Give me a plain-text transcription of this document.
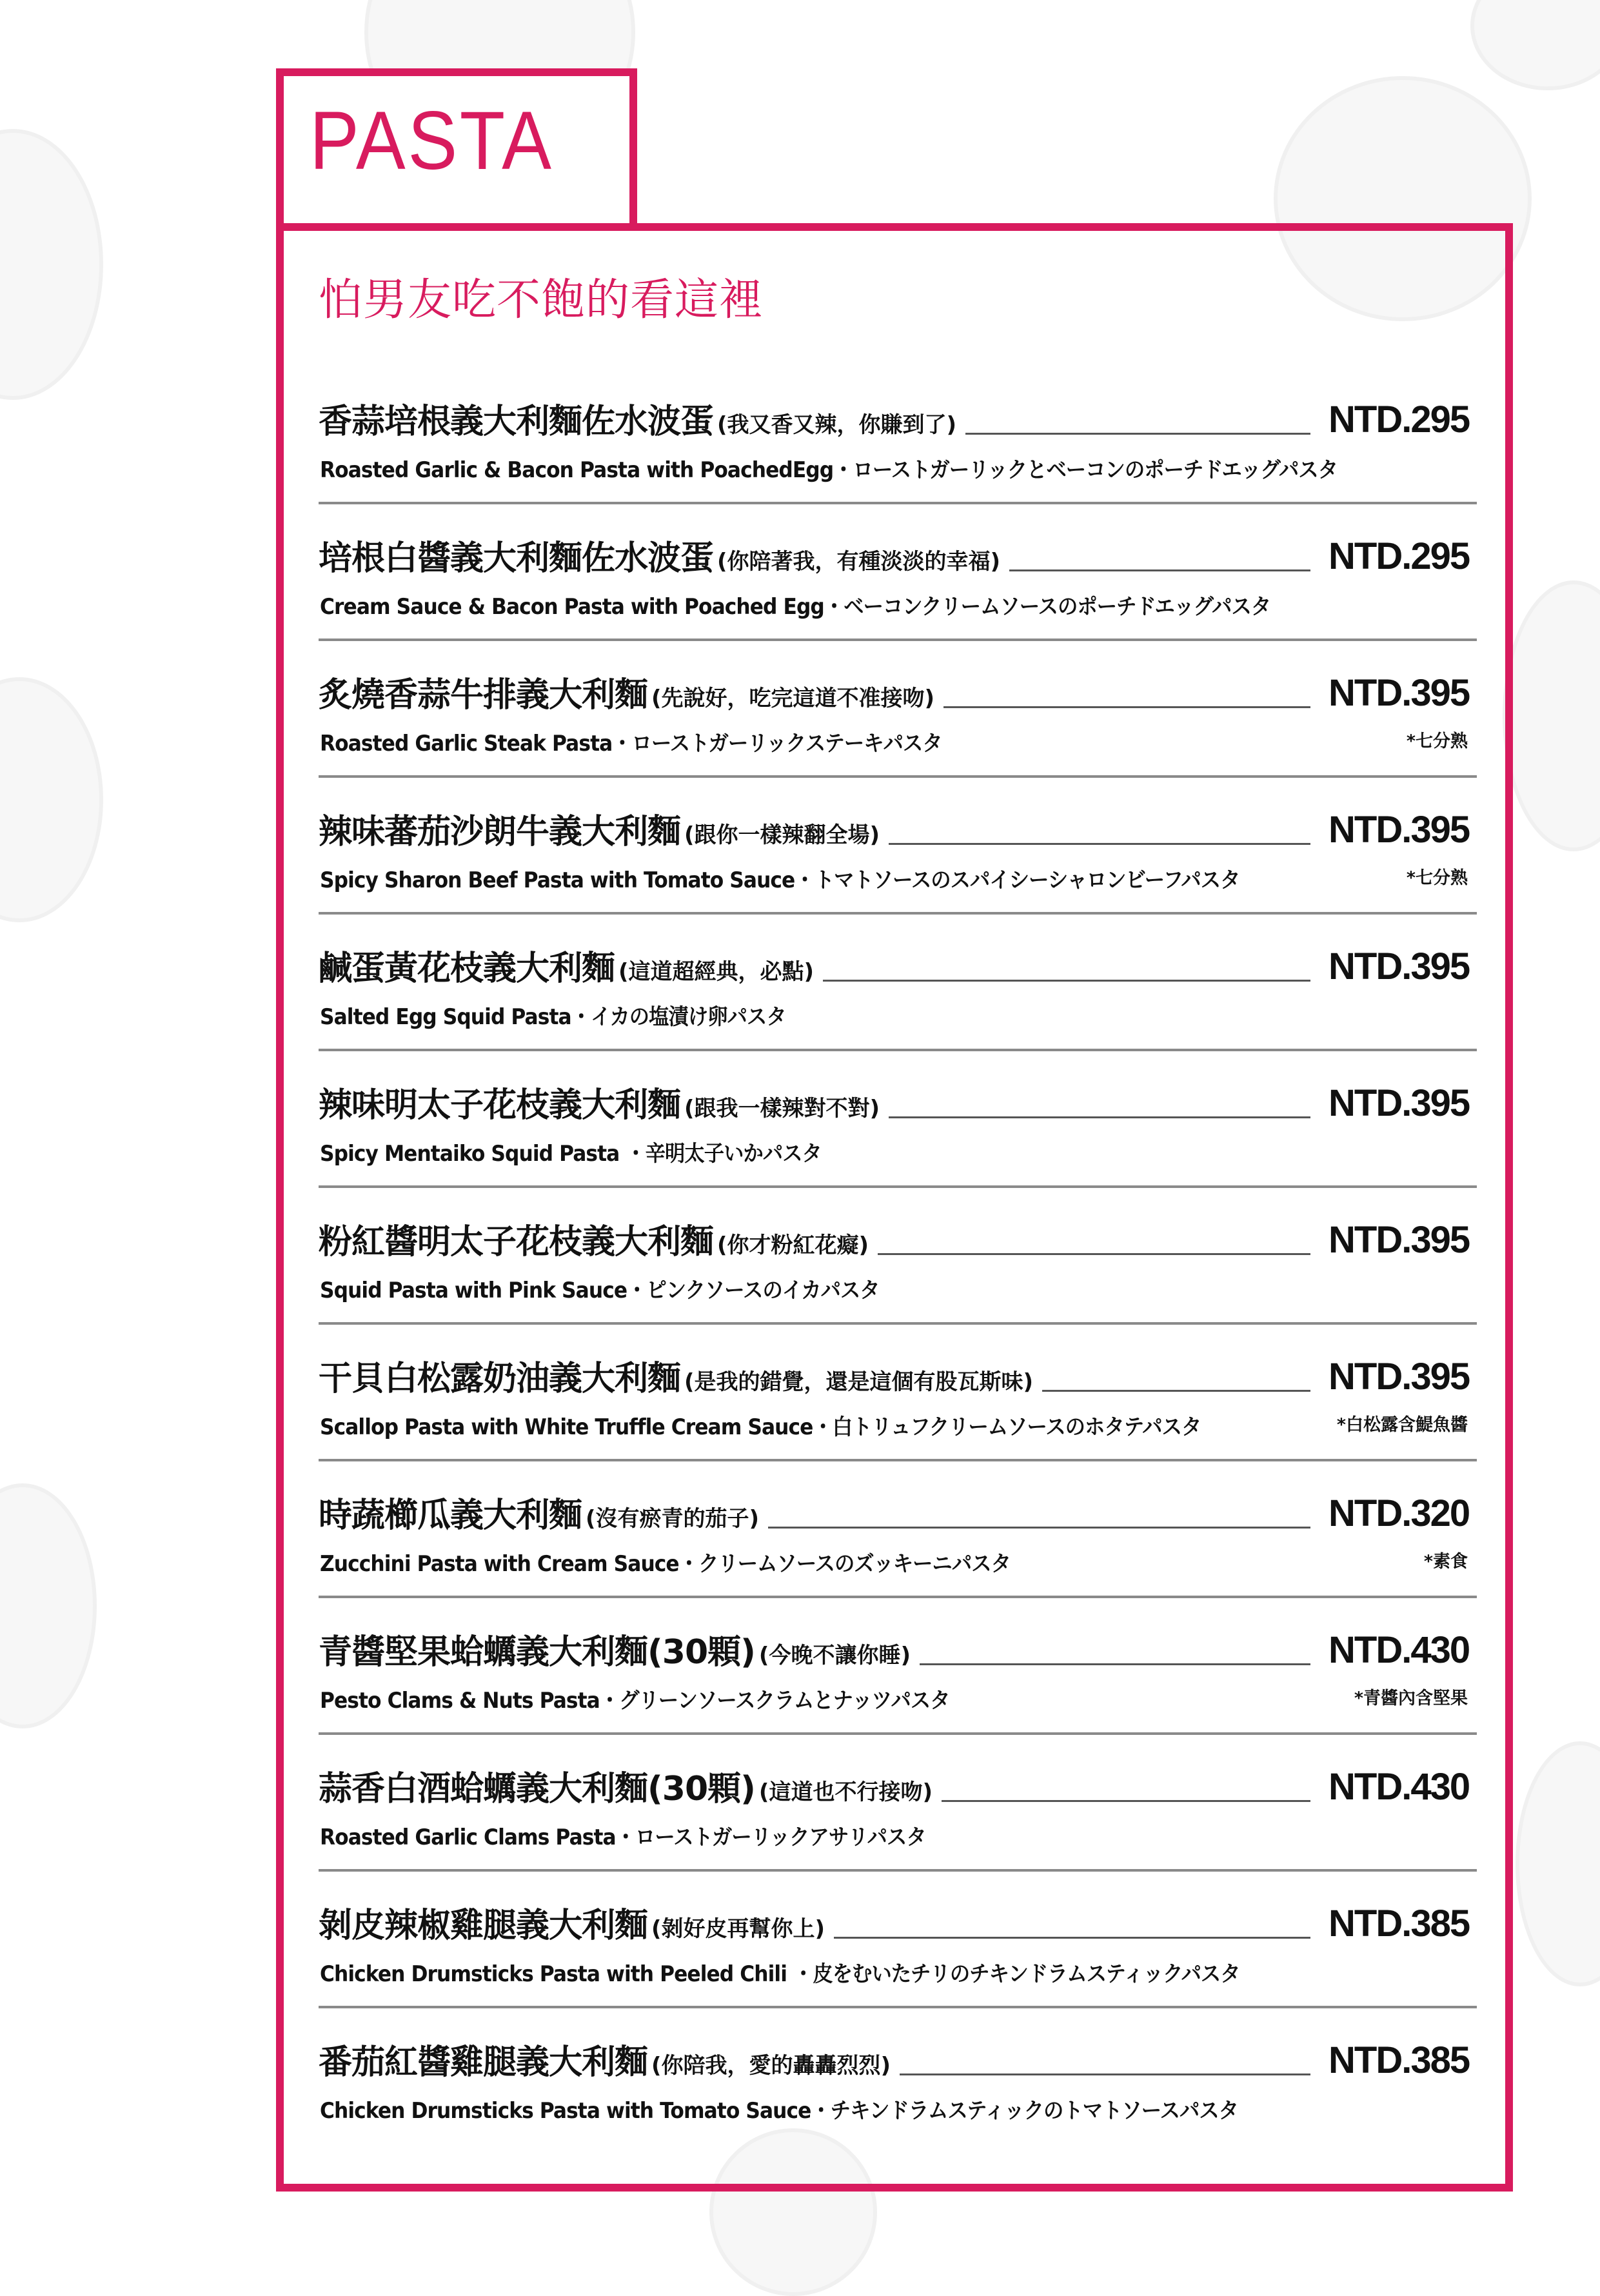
PASTA
怕男友吃不飽的看這裡
香蒜培根義大利麵佐水波蛋 (我又香又辣，你賺到了)	NTD.295
Roasted Garlic & Bacon Pasta with PoachedEgg・ローストガーリックとベーコンのポーチドエッグパスタ
培根白醬義大利麵佐水波蛋 (你陪著我，有種淡淡的幸福)	NTD.295
Cream Sauce & Bacon Pasta with Poached Egg・ベーコンクリームソースのポーチドエッグパスタ
炙燒香蒜牛排義大利麵 (先說好，吃完這道不准接吻)	NTD.395
Roasted Garlic Steak Pasta・ローストガーリックステーキパスタ	*七分熟
辣味蕃茄沙朗牛義大利麵 (跟你一樣辣翻全場)	NTD.395
Spicy Sharon Beef Pasta with Tomato Sauce・トマトソースのスパイシーシャロンビーフパスタ	*七分熟
鹹蛋黃花枝義大利麵 (這道超經典，必點)	NTD.395
Salted Egg Squid Pasta・イカの塩漬け卵パスタ
辣味明太子花枝義大利麵 (跟我一樣辣對不對)	NTD.395
Spicy Mentaiko Squid Pasta ・辛明太子いかパスタ
粉紅醬明太子花枝義大利麵 (你才粉紅花癡)	NTD.395
Squid Pasta with Pink Sauce・ピンクソースのイカパスタ
干貝白松露奶油義大利麵 (是我的錯覺，還是這個有股瓦斯味)	NTD.395
Scallop Pasta with White Truffle Cream Sauce・白トリュフクリームソースのホタテパスタ	*白松露含鯷魚醬
時蔬櫛瓜義大利麵 (沒有瘀青的茄子)	NTD.320
Zucchini Pasta with Cream Sauce・クリームソースのズッキーニパスタ	*素食
青醬堅果蛤蠣義大利麵(30顆) (今晚不讓你睡)	NTD.430
Pesto Clams & Nuts Pasta・グリーンソースクラムとナッツパスタ	*青醬內含堅果
蒜香白酒蛤蠣義大利麵(30顆) (這道也不行接吻)	NTD.430
Roasted Garlic Clams Pasta・ローストガーリックアサリパスタ
剝皮辣椒雞腿義大利麵 (剝好皮再幫你上)	NTD.385
Chicken Drumsticks Pasta with Peeled Chili ・皮をむいたチリのチキンドラムスティックパスタ
番茄紅醬雞腿義大利麵 (你陪我，愛的轟轟烈烈)	NTD.385
Chicken Drumsticks Pasta with Tomato Sauce・チキンドラムスティックのトマトソースパスタ
